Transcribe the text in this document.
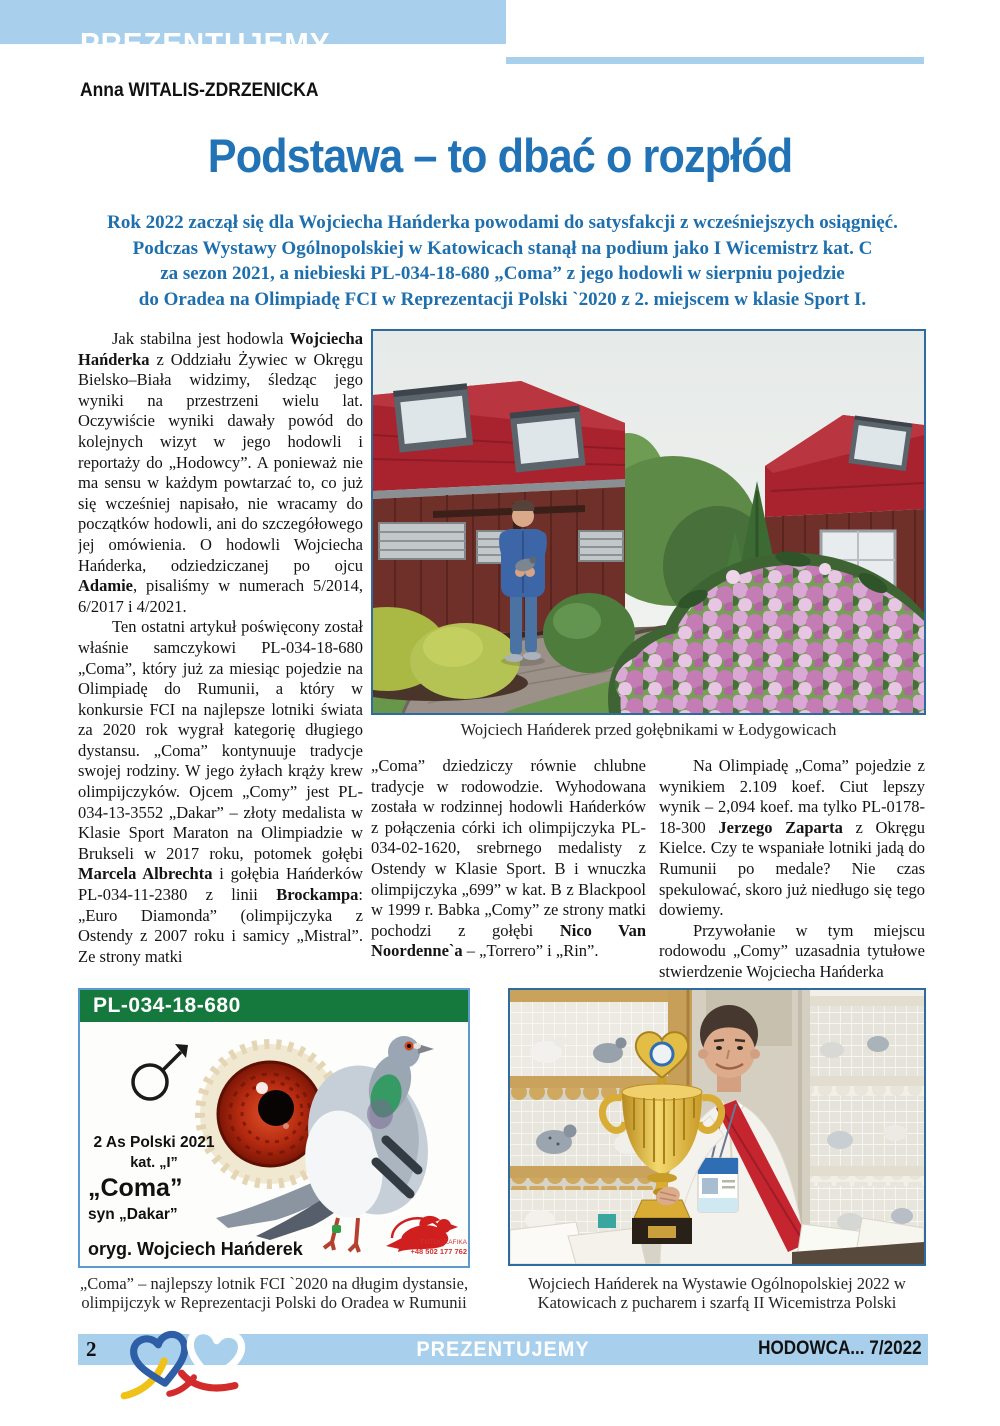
PREZENTUJEMY
Anna WITALIS-ZDRZENICKA
Podstawa – to dbać o rozpłód
Rok 2022 zaczął się dla Wojciecha Hańderka powodami do satysfakcji z wcześniejszych osiągnięć.
Podczas Wystawy Ogólnopolskiej w Katowicach stanął na podium jako I Wicemistrz kat. C
za sezon 2021, a niebieski PL-034-18-680 „Coma” z jego hodowli w sierpniu pojedzie
do Oradea na Olimpiadę FCI w Reprezentacji Polski `2020 z 2. miejscem w klasie Sport I.

Jak stabilna jest hodowla Wojciecha Hańderka z Oddziału Żywiec w Okręgu Bielsko–Biała widzimy, śledząc jego wyniki na przestrzeni wielu lat. Oczywiście wyniki dawały powód do kolejnych wizyt w jego hodowli i reportaży do „Hodowcy”. A ponieważ nie ma sensu w każdym powtarzać to, co już się wcześniej napisało, nie wracamy do początków hodowli, ani do szczegółowego jej omówienia. O hodowli Wojciecha Hańderka, odziedziczanej po ojcu Adamie, pisaliśmy w numerach 5/2014, 6/2017 i 4/2021.

Ten ostatni artykuł poświęcony został właśnie samczykowi PL-034-18-680 „Coma”, który już za miesiąc pojedzie na Olimpiadę do Rumunii, a który w konkursie FCI na najlepsze lotniki świata za 2020 rok wygrał kategorię długiego dystansu. „Coma” kontynuuje tradycje swojej rodziny. W jego żyłach krąży krew olimpijczyków. Ojcem „Comy” jest PL-034-13-3552 „Dakar” – złoty medalista w Klasie Sport Maraton na Olimpiadzie w Brukseli w 2017 roku, potomek gołębi Marcela Albrechta i gołębia Hańderków PL-034-11-2380 z linii Brockampa: „Euro Diamonda” (olimpijczyka z Ostendy z 2007 roku i samicy „Mistral”. Ze strony matki

Wojciech Hańderek przed gołębnikami w Łodygowicach

„Coma” dziedziczy równie chlubne tradycje w rodowodzie. Wyhodowana została w rodzinnej hodowli Hańderków z połączenia córki ich olimpijczyka PL-034-02-1620, srebrnego medalisty z Ostendy w Klasie Sport. B i wnuczka olimpijczyka „699” w kat. B z Blackpool w 1999 r. Babka „Comy” ze strony matki pochodzi z gołębi Nico Van Noordenne`a – „Torrero” i „Rin”.

Na Olimpiadę „Coma” pojedzie z wynikiem 2.109 koef. Ciut lepszy wynik – 2,094 koef. ma tylko PL-0178-18-300 Jerzego Zaparta z Okręgu Kielce. Czy te wspaniałe lotniki jadą do Rumunii po medale? Nie czas spekulować, skoro już niedługo się tego dowiemy.

Przywołanie w tym miejscu rodowodu „Comy” uzasadnia tytułowe stwierdzenie Wojciecha Hańderka

PL-034-18-680
FOTOGRAFIKA
+48 502 177 762
2 As Polski 2021
kat. „I”
„Coma”
syn „Dakar”
oryg. Wojciech Hańderek
„Coma” – najlepszy lotnik FCI `2020 na długim dystansie, olimpijczyk w Reprezentacji Polski do Oradea w Rumunii
Wojciech Hańderek na Wystawie Ogólnopolskiej 2022 w Katowicach z pucharem i szarfą II Wicemistrza Polski
2	PREZENTUJEMY	HODOWCA... 7/2022
